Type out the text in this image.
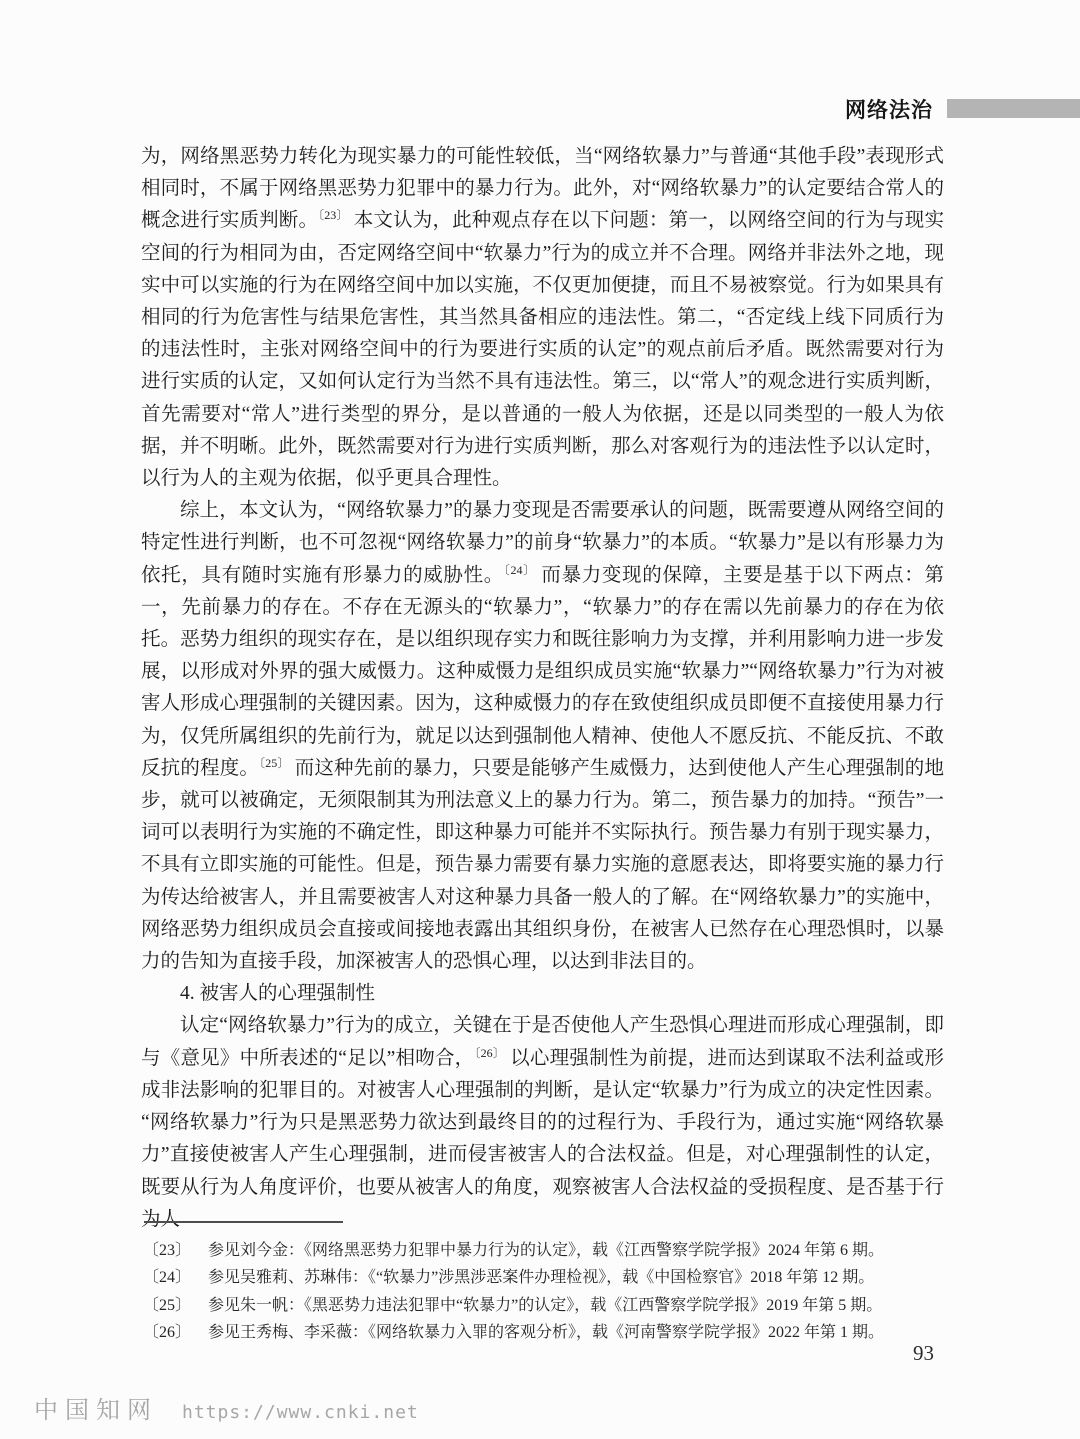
网络法治

为，网络黑恶势力转化为现实暴力的可能性较低，当“网络软暴力”与普通“其他手段”表现形式相同时，不属于网络黑恶势力犯罪中的暴力行为。此外，对“网络软暴力”的认定要结合常人的概念进行实质判断。$^{〔23〕}$ 本文认为，此种观点存在以下问题：第一，以网络空间的行为与现实空间的行为相同为由，否定网络空间中“软暴力”行为的成立并不合理。网络并非法外之地，现实中可以实施的行为在网络空间中加以实施，不仅更加便捷，而且不易被察觉。行为如果具有相同的行为危害性与结果危害性，其当然具备相应的违法性。第二，“否定线上线下同质行为的违法性时，主张对网络空间中的行为要进行实质的认定”的观点前后矛盾。既然需要对行为进行实质的认定，又如何认定行为当然不具有违法性。第三，以“常人”的观念进行实质判断，首先需要对“常人”进行类型的界分，是以普通的一般人为依据，还是以同类型的一般人为依据，并不明晰。此外，既然需要对行为进行实质判断，那么对客观行为的违法性予以认定时，以行为人的主观为依据，似乎更具合理性。

综上，本文认为，“网络软暴力”的暴力变现是否需要承认的问题，既需要遵从网络空间的特定性进行判断，也不可忽视“网络软暴力”的前身“软暴力”的本质。“软暴力”是以有形暴力为依托，具有随时实施有形暴力的威胁性。$^{〔24〕}$ 而暴力变现的保障，主要是基于以下两点：第一，先前暴力的存在。不存在无源头的“软暴力”，“软暴力”的存在需以先前暴力的存在为依托。恶势力组织的现实存在，是以组织现存实力和既往影响力为支撑，并利用影响力进一步发展，以形成对外界的强大威慑力。这种威慑力是组织成员实施“软暴力”“网络软暴力”行为对被害人形成心理强制的关键因素。因为，这种威慑力的存在致使组织成员即便不直接使用暴力行为，仅凭所属组织的先前行为，就足以达到强制他人精神、使他人不愿反抗、不能反抗、不敢反抗的程度。$^{〔25〕}$ 而这种先前的暴力，只要是能够产生威慑力，达到使他人产生心理强制的地步，就可以被确定，无须限制其为刑法意义上的暴力行为。第二，预告暴力的加持。“预告”一词可以表明行为实施的不确定性，即这种暴力可能并不实际执行。预告暴力有别于现实暴力，不具有立即实施的可能性。但是，预告暴力需要有暴力实施的意愿表达，即将要实施的暴力行为传达给被害人，并且需要被害人对这种暴力具备一般人的了解。在“网络软暴力”的实施中，网络恶势力组织成员会直接或间接地表露出其组织身份，在被害人已然存在心理恐惧时，以暴力的告知为直接手段，加深被害人的恐惧心理，以达到非法目的。

4. 被害人的心理强制性

认定“网络软暴力”行为的成立，关键在于是否使他人产生恐惧心理进而形成心理强制，即与《意见》中所表述的“足以”相吻合，$^{〔26〕}$ 以心理强制性为前提，进而达到谋取不法利益或形成非法影响的犯罪目的。对被害人心理强制的判断，是认定“软暴力”行为成立的决定性因素。“网络软暴力”行为只是黑恶势力欲达到最终目的的过程行为、手段行为，通过实施“网络软暴力”直接使被害人产生心理强制，进而侵害被害人的合法权益。但是，对心理强制性的认定，既要从行为人角度评价，也要从被害人的角度，观察被害人合法权益的受损程度、是否基于行为人

〔23〕 参见刘今金：《网络黑恶势力犯罪中暴力行为的认定》，载《江西警察学院学报》2024 年第 6 期。
〔24〕 参见吴雅莉、苏琳伟：《“软暴力”涉黑涉恶案件办理检视》，载《中国检察官》2018 年第 12 期。
〔25〕 参见朱一帆：《黑恶势力违法犯罪中“软暴力”的认定》，载《江西警察学院学报》2019 年第 5 期。
〔26〕 参见王秀梅、李采薇：《网络软暴力入罪的客观分析》，载《河南警察学院学报》2022 年第 1 期。
93
中国知网 https://www.cnki.net
